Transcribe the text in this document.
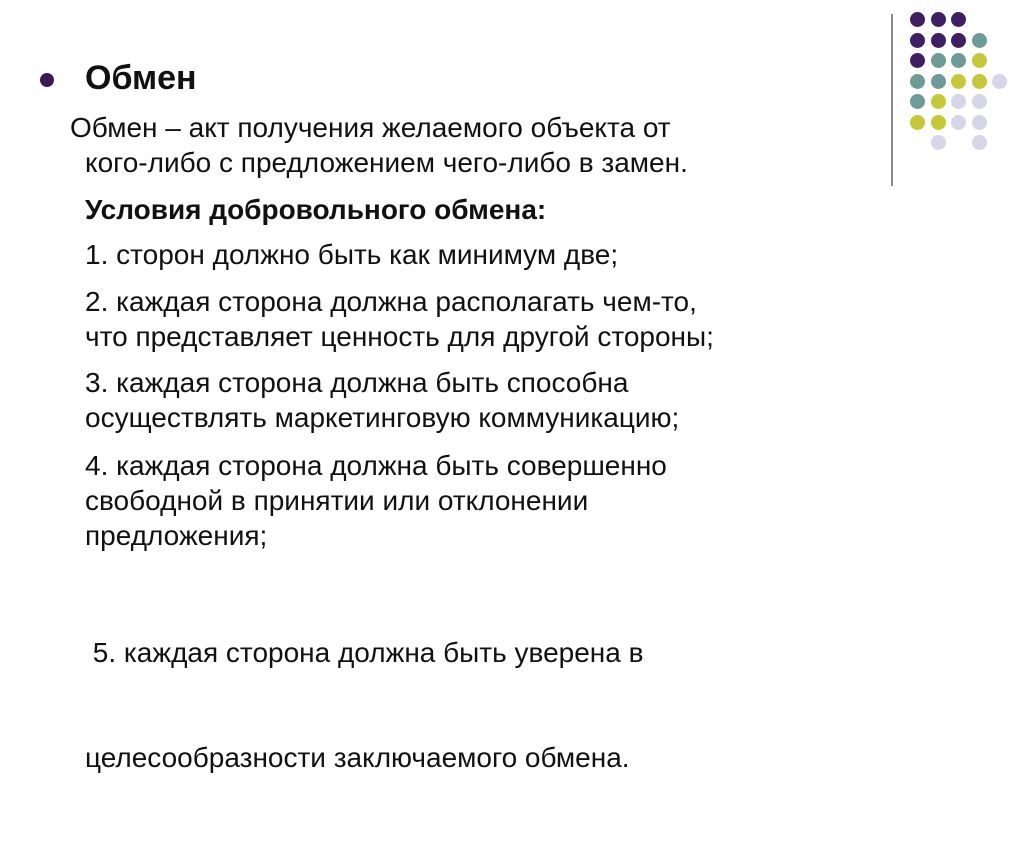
Обмен

Обмен – акт получения желаемого объекта от
кого-либо с предложением чего-либо в замен.

Условия добровольного обмена:

1. сторон должно быть как минимум две;

2. каждая сторона должна располагать чем-то,
что представляет ценность для другой стороны;

3. каждая сторона должна быть способна
осуществлять маркетинговую коммуникацию;

4. каждая сторона должна быть совершенно
свободной в принятии или отклонении
предложения;

5. каждая сторона должна быть уверена в

целесообразности заключаемого обмена.
